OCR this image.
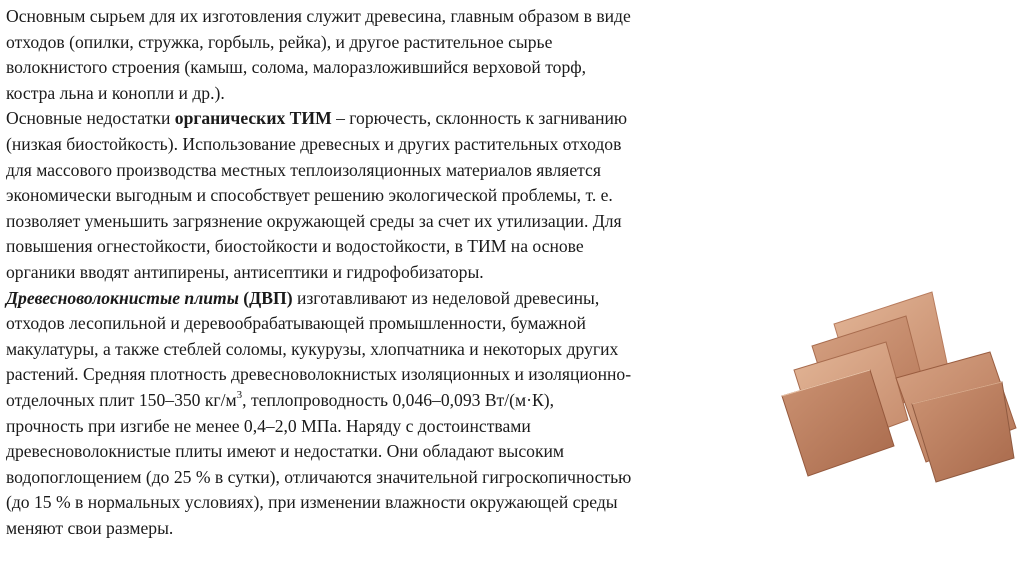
Основным сырьем для их изготовления служит древесина, главным образом в виде
отходов (опилки, стружка, горбыль, рейка), и другое растительное сырье
волокнистого строения (камыш, солома, малоразложившийся верховой торф,
костра льна и конопли и др.).
Основные недостатки органических ТИМ – горючесть, склонность к загниванию
(низкая биостойкость). Использование древесных и других растительных отходов
для массового производства местных теплоизоляционных материалов является
экономически выгодным и способствует решению экологической проблемы, т. е.
позволяет уменьшить загрязнение окружающей среды за счет их утилизации. Для
повышения огнестойкости, биостойкости и водостойкости, в ТИМ на основе
органики вводят антипирены, антисептики и гидрофобизаторы.
Древесноволокнистые плиты (ДВП) изготавливают из неделовой древесины,
отходов лесопильной и деревообрабатывающей промышленности, бумажной
макулатуры, а также стеблей соломы, кукурузы, хлопчатника и некоторых других
растений. Средняя плотность древесноволокнистых изоляционных и изоляционно-
отделочных плит 150–350 $кг/м^3$, теплопроводность 0,046–0,093 Вт/(м·К),
прочность при изгибе не менее 0,4–2,0 МПа. Наряду с достоинствами
древесноволокнистые плиты имеют и недостатки. Они обладают высоким
водопоглощением (до 25 % в сутки), отличаются значительной гигроскопичностью
(до 15 % в нормальных условиях), при изменении влажности окружающей среды
меняют свои размеры.
